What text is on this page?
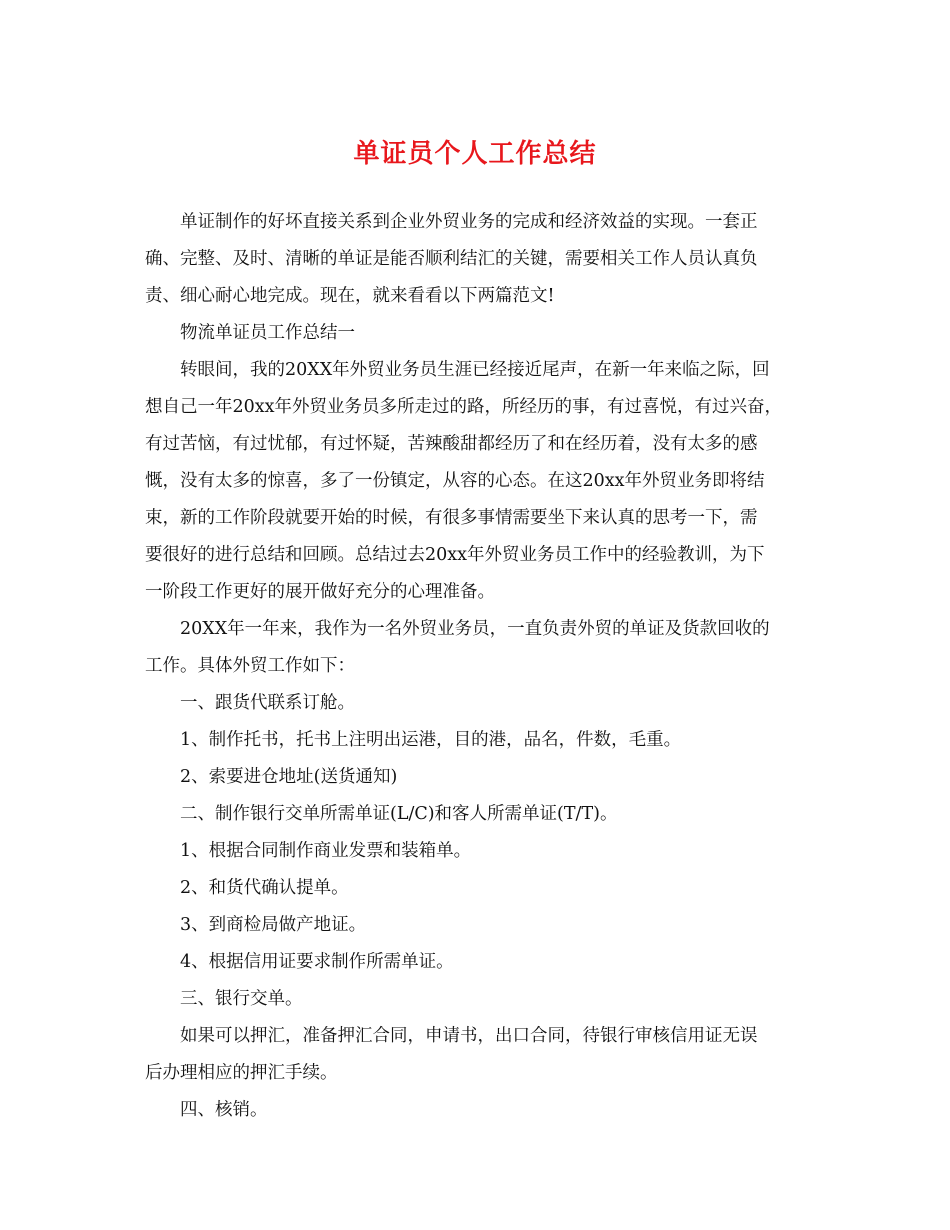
单证员个人工作总结

单证制作的好坏直接关系到企业外贸业务的完成和经济效益的实现。一套正
确、完整、及时、清晰的单证是能否顺利结汇的关键，需要相关工作人员认真负
责、细心耐心地完成。现在，就来看看以下两篇范文!

物流单证员工作总结一

转眼间，我的20XX年外贸业务员生涯已经接近尾声，在新一年来临之际，回
想自己一年20xx年外贸业务员多所走过的路，所经历的事，有过喜悦，有过兴奋，
有过苦恼，有过忧郁，有过怀疑，苦辣酸甜都经历了和在经历着，没有太多的感
慨，没有太多的惊喜，多了一份镇定，从容的心态。在这20xx年外贸业务即将结
束，新的工作阶段就要开始的时候，有很多事情需要坐下来认真的思考一下，需
要很好的进行总结和回顾。总结过去20xx年外贸业务员工作中的经验教训，为下
一阶段工作更好的展开做好充分的心理准备。

20XX年一年来，我作为一名外贸业务员，一直负责外贸的单证及货款回收的
工作。具体外贸工作如下：

一、跟货代联系订舱。

1、制作托书，托书上注明出运港，目的港，品名，件数，毛重。

2、索要进仓地址(送货通知)

二、制作银行交单所需单证(L/C)和客人所需单证(T/T)。

1、根据合同制作商业发票和装箱单。

2、和货代确认提单。

3、到商检局做产地证。

4、根据信用证要求制作所需单证。

三、银行交单。

如果可以押汇，准备押汇合同，申请书，出口合同，待银行审核信用证无误
后办理相应的押汇手续。

四、核销。
